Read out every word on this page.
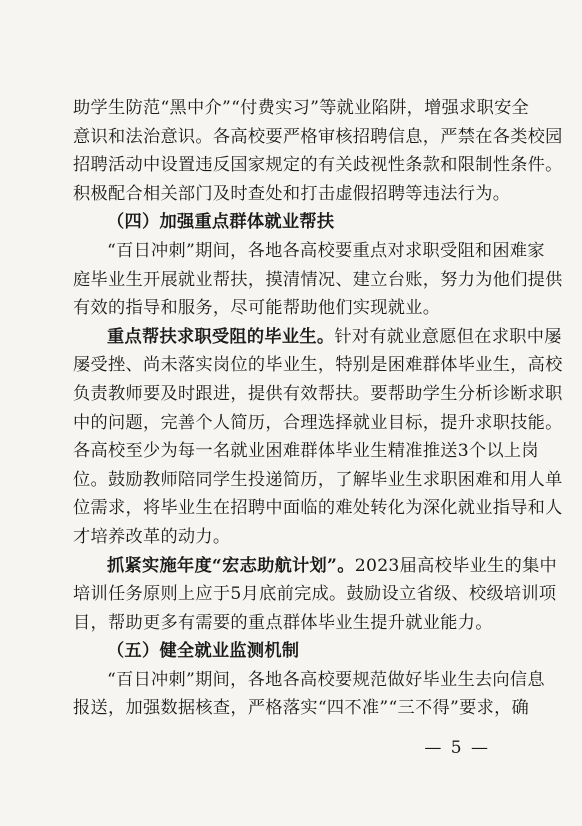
助学生防范“黑中介”“付费实习”等就业陷阱，增强求职安全
意识和法治意识。各高校要严格审核招聘信息，严禁在各类校园
招聘活动中设置违反国家规定的有关歧视性条款和限制性条件。
积极配合相关部门及时查处和打击虚假招聘等违法行为。
（四）加强重点群体就业帮扶
“百日冲刺”期间，各地各高校要重点对求职受阻和困难家
庭毕业生开展就业帮扶，摸清情况、建立台账，努力为他们提供
有效的指导和服务，尽可能帮助他们实现就业。
重点帮扶求职受阻的毕业生。针对有就业意愿但在求职中屡
屡受挫、尚未落实岗位的毕业生，特别是困难群体毕业生，高校
负责教师要及时跟进，提供有效帮扶。要帮助学生分析诊断求职
中的问题，完善个人简历，合理选择就业目标，提升求职技能。
各高校至少为每一名就业困难群体毕业生精准推送3个以上岗
位。鼓励教师陪同学生投递简历，了解毕业生求职困难和用人单
位需求，将毕业生在招聘中面临的难处转化为深化就业指导和人
才培养改革的动力。
抓紧实施年度“宏志助航计划”。2023届高校毕业生的集中
培训任务原则上应于5月底前完成。鼓励设立省级、校级培训项
目，帮助更多有需要的重点群体毕业生提升就业能力。
（五）健全就业监测机制
“百日冲刺”期间，各地各高校要规范做好毕业生去向信息
报送，加强数据核查，严格落实“四不准”“三不得”要求，确
— 5 —
